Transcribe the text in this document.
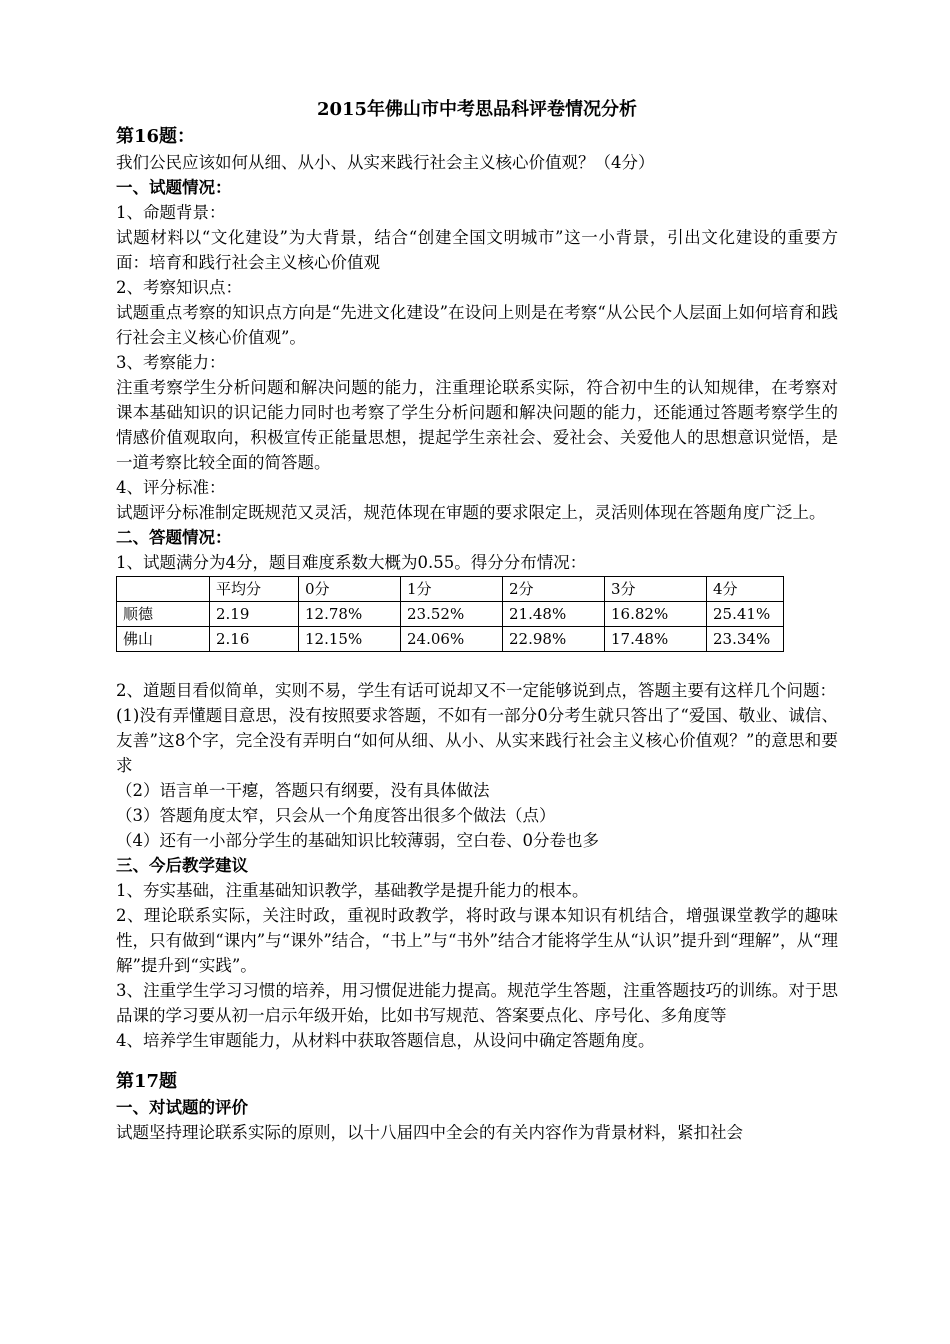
2015年佛山市中考思品科评卷情况分析
第16题：
我们公民应该如何从细、从小、从实来践行社会主义核心价值观？（4分）
一、试题情况：
1、命题背景：
试题材料以“文化建设”为大背景，结合“创建全国文明城市”这一小背景，引出文化建设的重要方面：培育和践行社会主义核心价值观
2、考察知识点：
试题重点考察的知识点方向是“先进文化建设”在设问上则是在考察“从公民个人层面上如何培育和践行社会主义核心价值观”。
3、考察能力：
注重考察学生分析问题和解决问题的能力，注重理论联系实际，符合初中生的认知规律，在考察对课本基础知识的识记能力同时也考察了学生分析问题和解决问题的能力，还能通过答题考察学生的情感价值观取向，积极宣传正能量思想，提起学生亲社会、爱社会、关爱他人的思想意识觉悟，是一道考察比较全面的简答题。
4、评分标准：
试题评分标准制定既规范又灵活，规范体现在审题的要求限定上，灵活则体现在答题角度广泛上。
二、答题情况：
1、试题满分为4分，题目难度系数大概为0.55。得分分布情况：
	平均分	0分	1分	2分	3分	4分
顺德	2.19	12.78%	23.52%	21.48%	16.82%	25.41%
佛山	2.16	12.15%	24.06%	22.98%	17.48%	23.34%
2、道题目看似简单，实则不易，学生有话可说却又不一定能够说到点，答题主要有这样几个问题：
(1)没有弄懂题目意思，没有按照要求答题，不如有一部分0分考生就只答出了“爱国、敬业、诚信、友善”这8个字，完全没有弄明白“如何从细、从小、从实来践行社会主义核心价值观？”的意思和要求
（2）语言单一干瘪，答题只有纲要，没有具体做法
（3）答题角度太窄，只会从一个角度答出很多个做法（点）
（4）还有一小部分学生的基础知识比较薄弱，空白卷、0分卷也多
三、今后教学建议
1、夯实基础，注重基础知识教学，基础教学是提升能力的根本。
2、理论联系实际，关注时政，重视时政教学，将时政与课本知识有机结合，增强课堂教学的趣味性，只有做到“课内”与“课外”结合，“书上”与“书外”结合才能将学生从“认识”提升到“理解”，从“理解”提升到“实践”。
3、注重学生学习习惯的培养，用习惯促进能力提高。规范学生答题，注重答题技巧的训练。对于思品课的学习要从初一启示年级开始，比如书写规范、答案要点化、序号化、多角度等
4、培养学生审题能力，从材料中获取答题信息，从设问中确定答题角度。
第17题
一、对试题的评价
试题坚持理论联系实际的原则，以十八届四中全会的有关内容作为背景材料，紧扣社会
